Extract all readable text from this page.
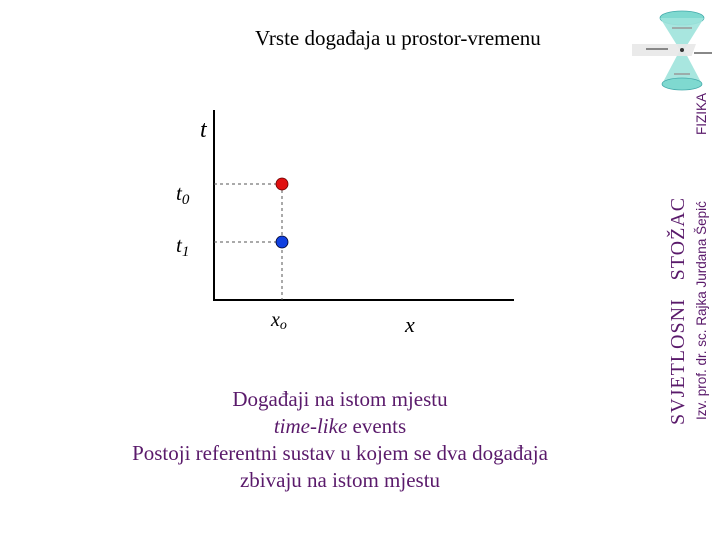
Vrste događaja u prostor-vremenu
t
x
t0
t1
xo
Događaji na istom mjestu
time-like events
Postoji referentni sustav u kojem se dva događaja
zbivaju na istom mjestu
SVJETLOSNI   STOŽAC Izv. prof. dr. sc. Rajka Jurdana Šepić
FIZIKA
